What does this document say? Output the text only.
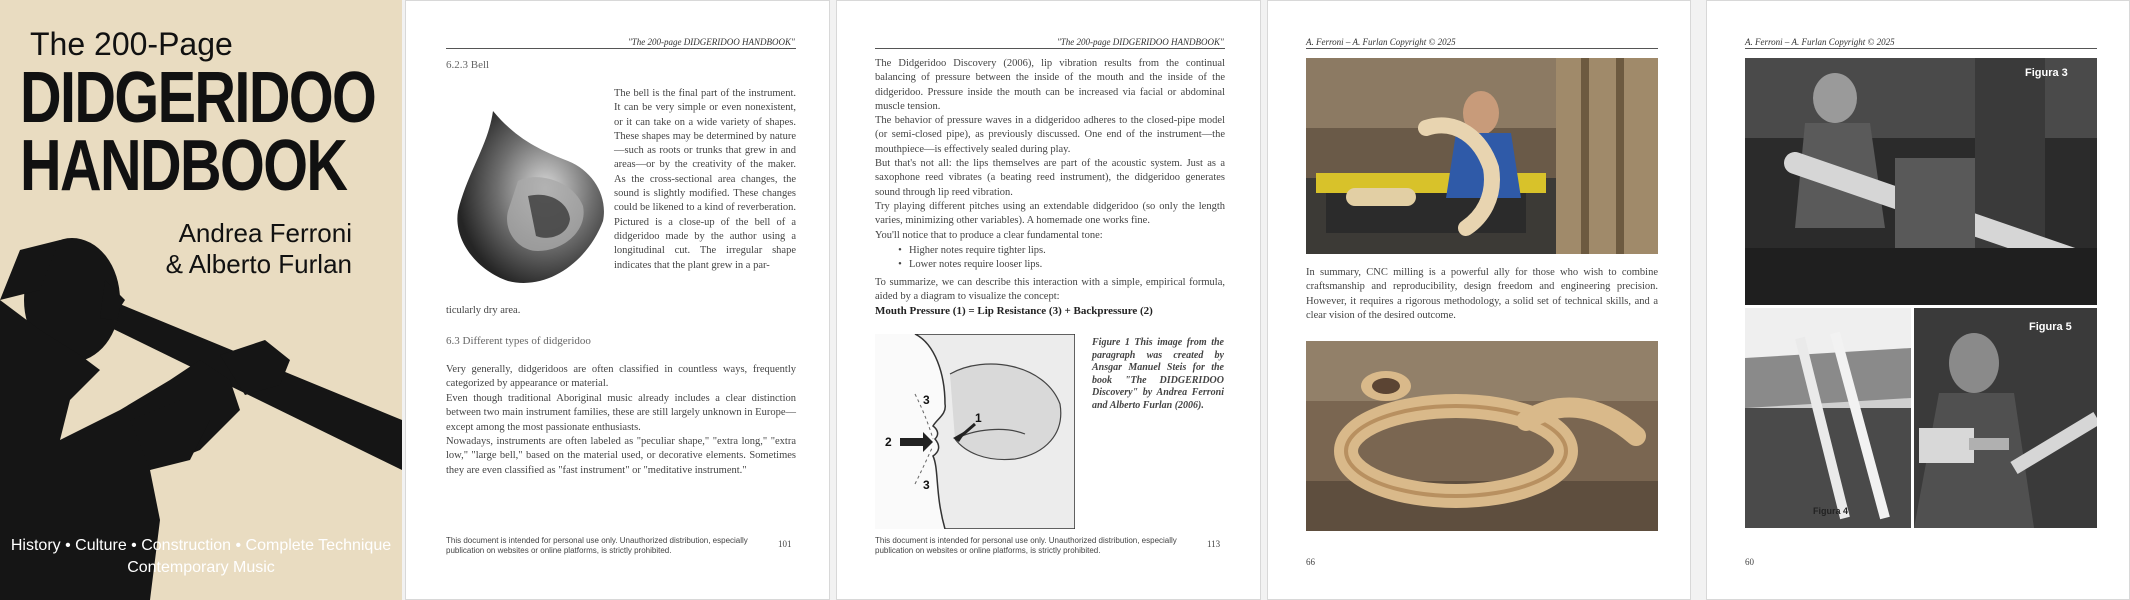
The 200-Page
DIDGERIDOO
HANDBOOK
Andrea Ferroni
& Alberto Furlan
History • Culture • Construction • Complete Technique
Contemporary Music
"The 200-page DIDGERIDOO HANDBOOK"
6.2.3 Bell
The bell is the final part of the instrument. It can be very simple or even nonexistent, or it can take on a wide variety of shapes. These shapes may be determined by nature—such as roots or trunks that grew in and areas—or by the creativity of the maker. As the cross-sectional area changes, the sound is slightly modified. These changes could be likened to a kind of reverberation. Pictured is a close-up of the bell of a didgeridoo made by the author using a longitudinal cut. The irregular shape indicates that the plant grew in a par-
ticularly dry area.
6.3 Different types of didgeridoo
Very generally, didgeridoos are often classified in countless ways, frequently categorized by appearance or material.
Even though traditional Aboriginal music already includes a clear distinction between two main instrument families, these are still largely unknown in Europe—except among the most passionate enthusiasts.
Nowadays, instruments are often labeled as "peculiar shape," "extra long," "extra low," "large bell," based on the material used, or decorative elements. Sometimes they are even classified as "fast instrument" or "meditative instrument."
This document is intended for personal use only. Unauthorized distribution, especially publication on websites or online platforms, is strictly prohibited.
101
"The 200-page DIDGERIDOO HANDBOOK"
The Didgeridoo Discovery (2006), lip vibration results from the continual balancing of pressure between the inside of the mouth and the inside of the didgeridoo. Pressure inside the mouth can be increased via facial or abdominal muscle tension.
The behavior of pressure waves in a didgeridoo adheres to the closed-pipe model (or semi-closed pipe), as previously discussed. One end of the instrument—the mouthpiece—is effectively sealed during play.
But that's not all: the lips themselves are part of the acoustic system. Just as a saxophone reed vibrates (a beating reed instrument), the didgeridoo generates sound through lip reed vibration.
Try playing different pitches using an extendable didgeridoo (so only the length varies, minimizing other variables). A homemade one works fine.
You'll notice that to produce a clear fundamental tone:
• Higher notes require tighter lips.
• Lower notes require looser lips.
To summarize, we can describe this interaction with a simple, empirical formula, aided by a diagram to visualize the concept:
Mouth Pressure (1) = Lip Resistance (3) + Backpressure (2)
1
2
3
3
Figure 1 This image from the paragraph was created by Ansgar Manuel Steis for the book "The DIDGERIDOO Discovery" by Andrea Ferroni and Alberto Furlan (2006).
This document is intended for personal use only. Unauthorized distribution, especially publication on websites or online platforms, is strictly prohibited.
113
A. Ferroni – A. Furlan Copyright © 2025
In summary, CNC milling is a powerful ally for those who wish to combine craftsmanship and reproducibility, design freedom and engineering precision. However, it requires a rigorous methodology, a solid set of technical skills, and a clear vision of the desired outcome.
66
A. Ferroni – A. Furlan Copyright © 2025
Figura 3
Figura 4
Figura 5
60
